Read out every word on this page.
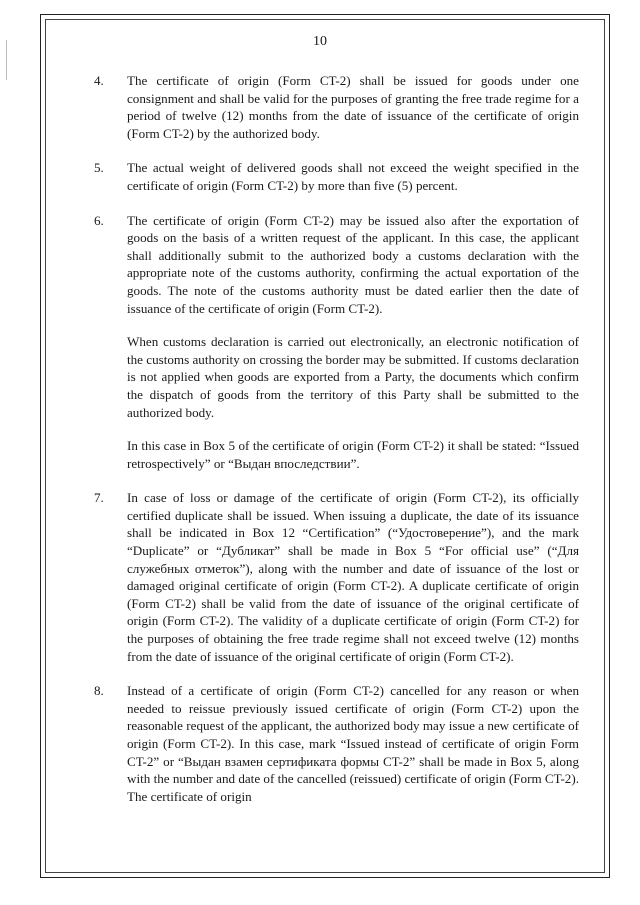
10
4.	The certificate of origin (Form CT-2) shall be issued for goods under one consignment and shall be valid for the purposes of granting the free trade regime for a period of twelve (12) months from the date of issuance of the certificate of origin (Form CT-2) by the authorized body.

5.	The actual weight of delivered goods shall not exceed the weight specified in the certificate of origin (Form CT-2) by more than five (5) percent.

6.	The certificate of origin (Form CT-2) may be issued also after the exportation of goods on the basis of a written request of the applicant. In this case, the applicant shall additionally submit to the authorized body a customs declaration with the appropriate note of the customs authority, confirming the actual exportation of the goods. The note of the customs authority must be dated earlier then the date of issuance of the certificate of origin (Form CT-2).

When customs declaration is carried out electronically, an electronic notification of the customs authority on crossing the border may be submitted. If customs declaration is not applied when goods are exported from a Party, the documents which confirm the dispatch of goods from the territory of this Party shall be submitted to the authorized body.

In this case in Box 5 of the certificate of origin (Form CT-2) it shall be stated: “Issued retrospectively” or “Выдан впоследствии”.

7.	In case of loss or damage of the certificate of origin (Form CT-2), its officially certified duplicate shall be issued. When issuing a duplicate, the date of its issuance shall be indicated in Box 12 “Certification” (“Удостоверение”), and the mark “Duplicate” or “Дубликат” shall be made in Box 5 “For official use” (“Для служебных отметок”), along with the number and date of issuance of the lost or damaged original certificate of origin (Form CT-2). A duplicate certificate of origin (Form CT-2) shall be valid from the date of issuance of the original certificate of origin (Form CT-2). The validity of a duplicate certificate of origin (Form CT-2) for the purposes of obtaining the free trade regime shall not exceed twelve (12) months from the date of issuance of the original certificate of origin (Form CT-2).

8.	Instead of a certificate of origin (Form CT-2) cancelled for any reason or when needed to reissue previously issued certificate of origin (Form CT-2) upon the reasonable request of the applicant, the authorized body may issue a new certificate of origin (Form CT-2). In this case, mark “Issued instead of certificate of origin Form CT-2” or “Выдан взамен сертификата формы CT-2” shall be made in Box 5, along with the number and date of the cancelled (reissued) certificate of origin (Form CT-2). The certificate of origin
